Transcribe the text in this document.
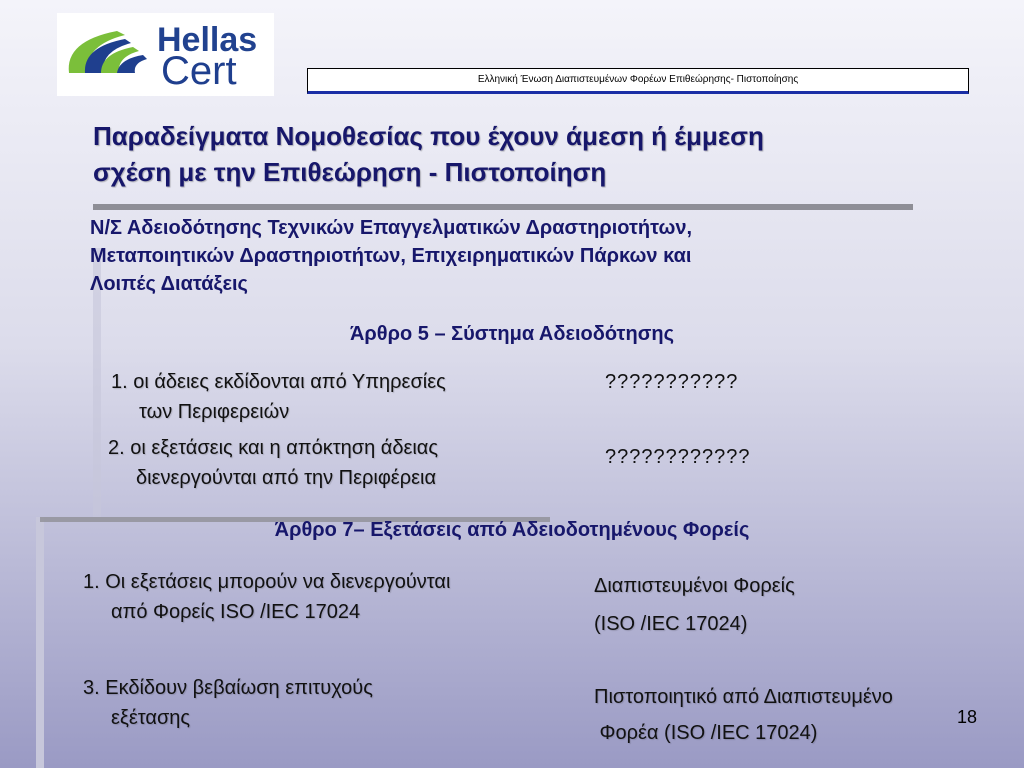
Hellas
Cert	Ελληνική Ένωση Διαπιστευμένων Φορέων Επιθεώρησης- Πιστοποίησης
Παραδείγματα Νομοθεσίας που έχουν άμεση ή έμμεση
σχέση με την Επιθεώρηση - Πιστοποίηση
Ν/Σ Αδειοδότησης Τεχνικών Επαγγελματικών Δραστηριοτήτων,
Μεταποιητικών Δραστηριοτήτων, Επιχειρηματικών Πάρκων και
Λοιπές Διατάξεις
Άρθρο 5 – Σύστημα Αδειοδότησης
1. οι άδειες εκδίδονται από Υπηρεσίες
των Περιφερειών
???????????
2. οι εξετάσεις και η απόκτηση άδειας
διενεργούνται από την Περιφέρεια
????????????
Άρθρο 7– Εξετάσεις από Αδειοδοτημένους Φορείς
1. Οι εξετάσεις μπορούν να διενεργούνται
από Φορείς ISO /IEC 17024
Διαπιστευμένοι Φορείς
(ISO /IEC 17024)
3. Εκδίδουν βεβαίωση επιτυχούς
εξέτασης
Πιστοποιητικό από Διαπιστευμένο
Φορέα (ISO /IEC 17024)
18
